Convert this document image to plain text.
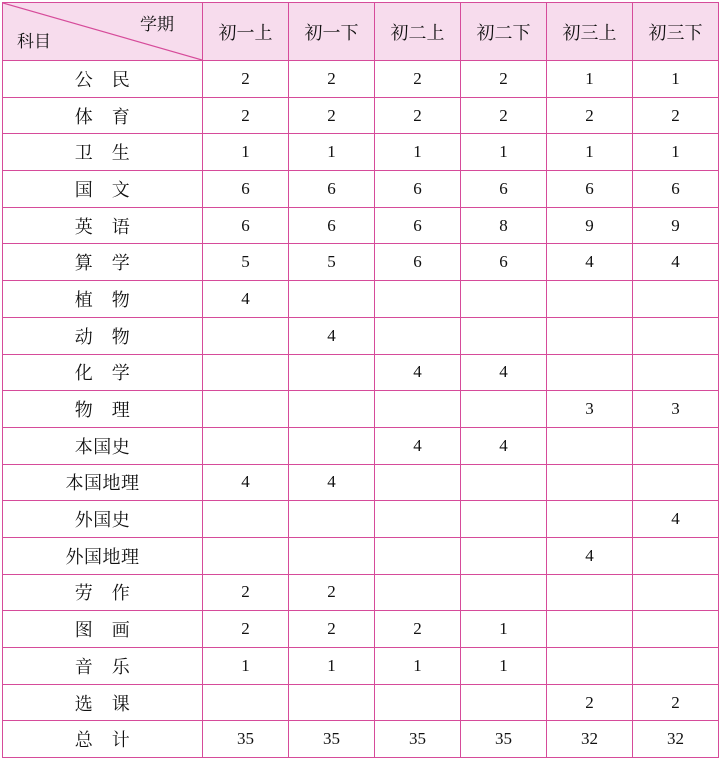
学期
科目	初一上	初一下	初二上	初二下	初三上	初三下
公　民	2	2	2	2	1	1
体　育	2	2	2	2	2	2
卫　生	1	1	1	1	1	1
国　文	6	6	6	6	6	6
英　语	6	6	6	8	9	9
算　学	5	5	6	6	4	4
植　物	4					
动　物		4				
化　学			4	4		
物　理					3	3
本国史			4	4		
本国地理	4	4				
外国史						4
外国地理					4	
劳　作	2	2				
图　画	2	2	2	1		
音　乐	1	1	1	1		
选　课					2	2
总　计	35	35	35	35	32	32
